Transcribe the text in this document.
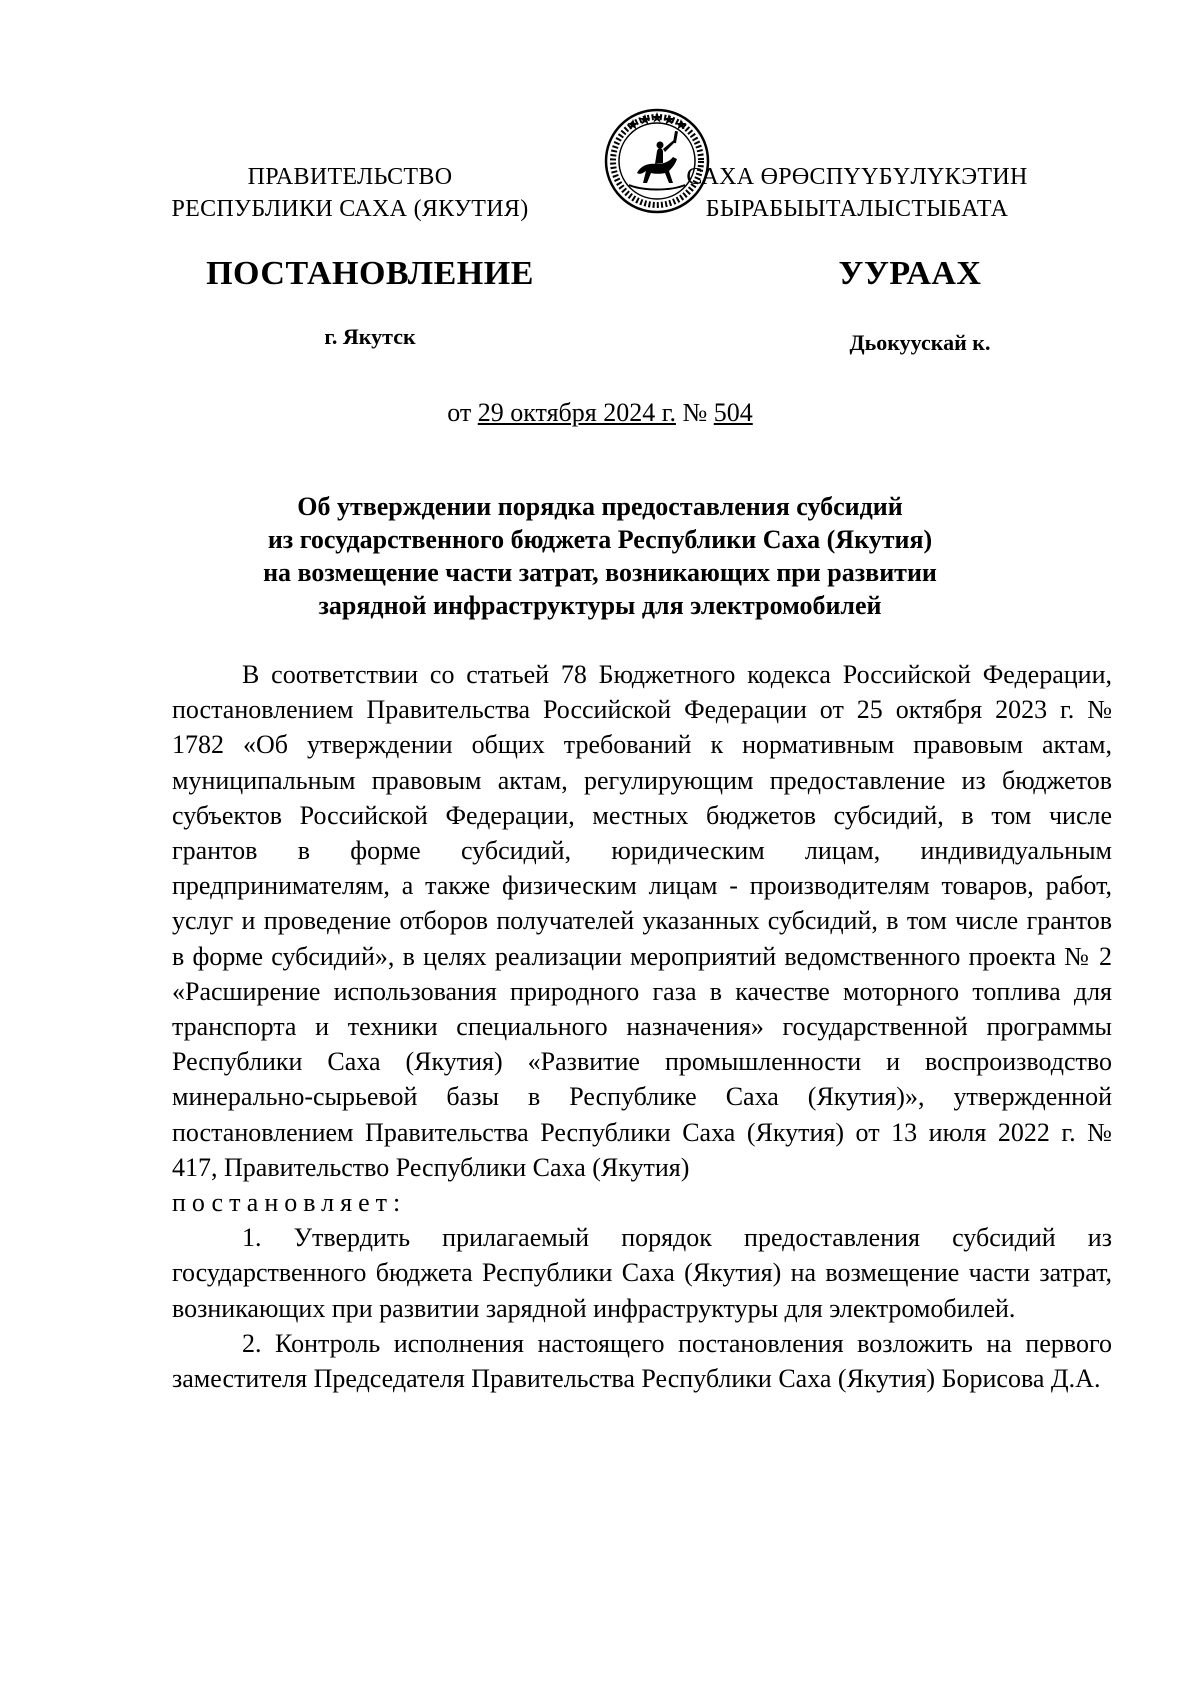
ПРАВИТЕЛЬСТВО
РЕСПУБЛИКИ САХА (ЯКУТИЯ)
САХА ӨРӨСПҮҮБҮЛҮКЭТИН
БЫРАБЫЫТАЛЫСТЫБАТА
ПОСТАНОВЛЕНИЕ	УУРААХ
г. Якутск	Дьокуускай к.
от 29 октября 2024 г. № 504
Об утверждении порядка предоставления субсидий
из государственного бюджета Республики Саха (Якутия)
на возмещение части затрат, возникающих при развитии
зарядной инфраструктуры для электромобилей

В соответствии со статьей 78 Бюджетного кодекса Российской Федерации, постановлением Правительства Российской Федерации от 25 октября 2023 г. № 1782 «Об утверждении общих требований к нормативным правовым актам, муниципальным правовым актам, регулирующим предоставление из бюджетов субъектов Российской Федерации, местных бюджетов субсидий, в том числе грантов в форме субсидий, юридическим лицам, индивидуальным предпринимателям, а также физическим лицам - производителям товаров, работ, услуг и проведение отборов получателей указанных субсидий, в том числе грантов в форме субсидий», в целях реализации мероприятий ведомственного проекта № 2 «Расширение использования природного газа в качестве моторного топлива для транспорта и техники специального назначения» государственной программы Республики Саха (Якутия) «Развитие промышленности и воспроизводство минерально-сырьевой базы в Республике Саха (Якутия)», утвержденной постановлением Правительства Республики Саха (Якутия) от 13 июля 2022 г. № 417, Правительство Республики Саха (Якутия)

постановляет:

1. Утвердить прилагаемый порядок предоставления субсидий из государственного бюджета Республики Саха (Якутия) на возмещение части затрат, возникающих при развитии зарядной инфраструктуры для электромобилей.

2. Контроль исполнения настоящего постановления возложить на первого заместителя Председателя Правительства Республики Саха (Якутия) Борисова Д.А.
